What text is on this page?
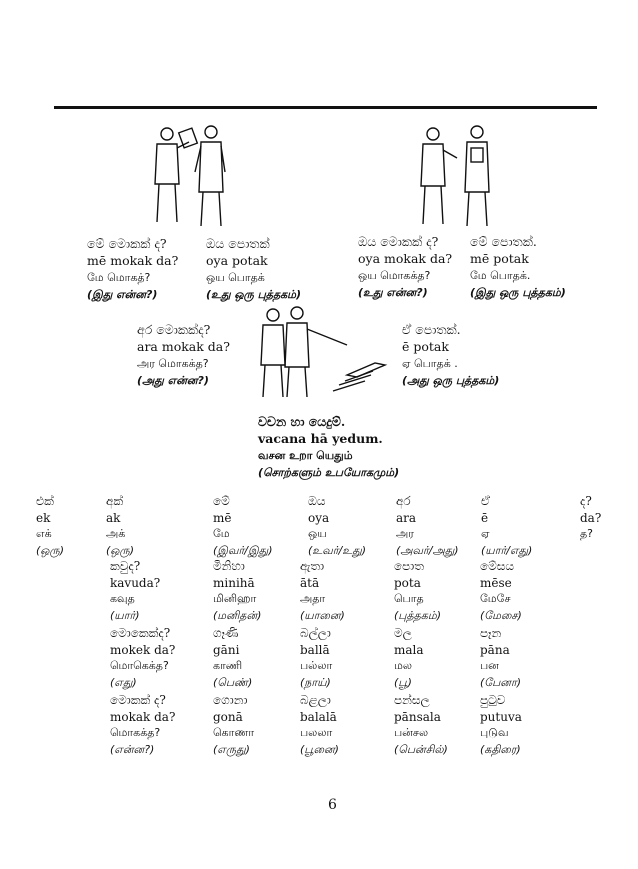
මේ මොකක් ද?
mē mokak da?
மே மொகத்?
(இது என்ன?)
ඔය පොතක්
oya potak
ஒய பொதக்
(உது ஒரு புத்தகம்)
ඔය මොකක් ද?
oya mokak da?
ஒய மொகக்த?
(உது என்ன?)
මේ පොතක්.
mē potak
மே பொதக்.
(இது ஒரு புத்தகம்)
අර මොකක්ද?
ara mokak da?
அர மொகக்த?
(அது என்ன?)
ඒ පොතක්.
ē potak
ஏ பொதக் .
(அது ஒரு புத்தகம்)
වචන හා යෙදුම්.
vacana hā yedum.
வசன உறா யெதும்
(சொற்களும் உபயோகமும்)
එක්
ek
எக்
(ஒரு)
අක්
ak
அக்
(ஒரு)
මේ
mē
மே
(இவர்/இது)
ඔය
oya
ஒய
(உவர்/உது)
අර
ara
அர
(அவர்/அது)
ඒ
ē
ஏ
(யார்/எது)
ද?
da?
த?
කවුද?
kavuda?
கவுத
(யார்)
මිනිහා
minihā
மினிஹா
(மனிதன்)
ඇතා
ātā
அதா
(யானை)
පොත
pota
பொத
(புத்தகம்)
මේසය
mēse
மேசே
(மேசை)
මොකෙක්ද?
mokek da?
மொகெக்த?
(எது)
ගෑණි
gāni
காணி
(பெண்)
බල්ලා
ballā
பல்லா
(நாய்)
මල
mala
மல
(பூ)
පෑන
pāna
பன
(பேனா)
මොකක් ද?
mokak da?
மொகக்த?
(என்ன?)
ගොනා
gonā
கொணா
(எருது)
බළලා
balalā
பலலா
(பூனை)
පන්සල
pānsala
பன்சல
(பென்சில்)
පුටුව
putuva
புடுவ
(கதிரை)
6
